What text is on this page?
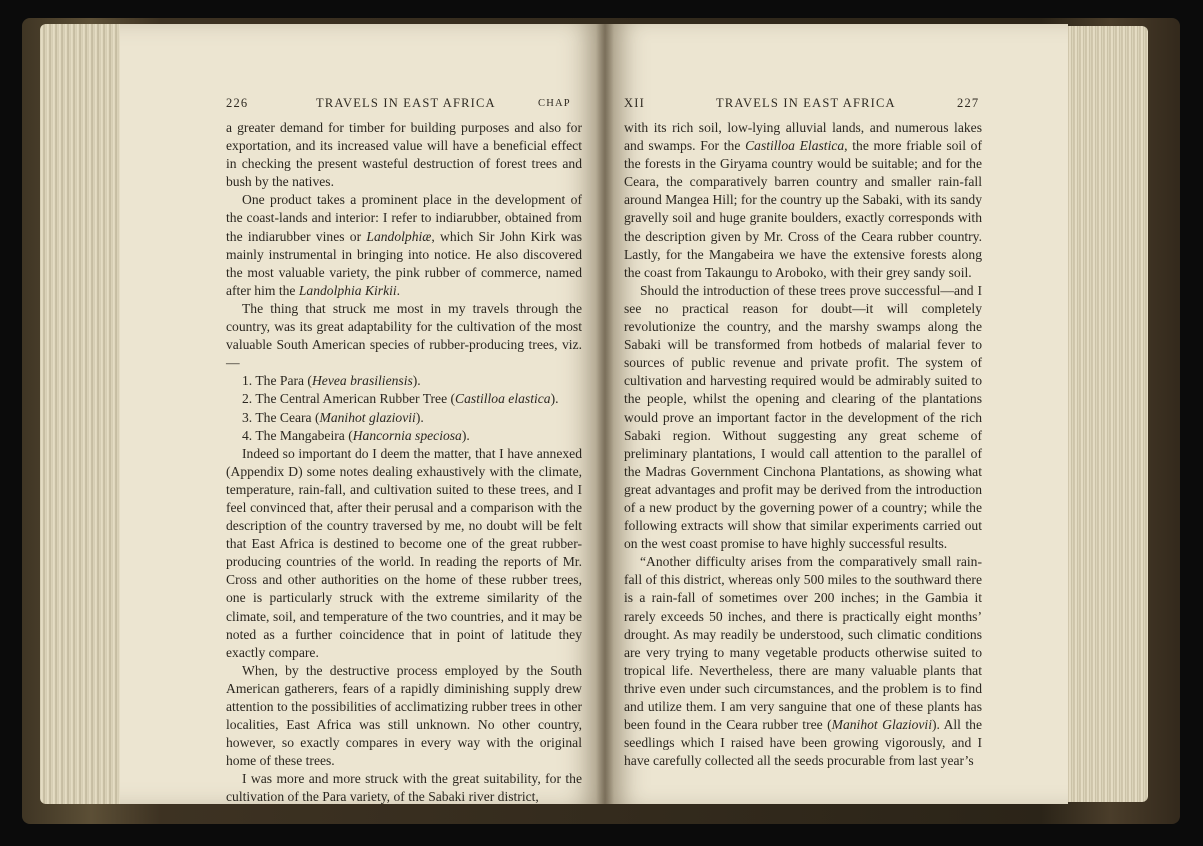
226	TRAVELS IN EAST AFRICA	CHAP

a greater demand for timber for building purposes and also for exportation, and its increased value will have a beneficial effect in checking the present wasteful destruction of forest trees and bush by the natives.

One product takes a prominent place in the development of the coast-lands and interior: I refer to indiarubber, obtained from the indiarubber vines or Landolphiæ, which Sir John Kirk was mainly instrumental in bringing into notice. He also discovered the most valuable variety, the pink rubber of commerce, named after him the Landolphia Kirkii.

The thing that struck me most in my travels through the country, was its great adaptability for the cultivation of the most valuable South American species of rubber-producing trees, viz.—

1. The Para (Hevea brasiliensis).

2. The Central American Rubber Tree (Castilloa elastica).

3. The Ceara (Manihot glaziovii).

4. The Mangabeira (Hancornia speciosa).

Indeed so important do I deem the matter, that I have annexed (Appendix D) some notes dealing exhaustively with the climate, temperature, rain-fall, and cultivation suited to these trees, and I feel convinced that, after their perusal and a comparison with the description of the country traversed by me, no doubt will be felt that East Africa is destined to become one of the great rubber-producing countries of the world. In reading the reports of Mr. Cross and other authorities on the home of these rubber trees, one is particularly struck with the extreme similarity of the climate, soil, and temperature of the two countries, and it may be noted as a further coincidence that in point of latitude they exactly compare.

When, by the destructive process employed by the South American gatherers, fears of a rapidly diminishing supply drew attention to the possibilities of acclimatizing rubber trees in other localities, East Africa was still unknown. No other country, however, so exactly compares in every way with the original home of these trees.

I was more and more struck with the great suitability, for the cultivation of the Para variety, of the Sabaki river district,

XII	TRAVELS IN EAST AFRICA	227

with its rich soil, low-lying alluvial lands, and numerous lakes and swamps. For the Castilloa Elastica, the more friable soil of the forests in the Giryama country would be suitable; and for the Ceara, the comparatively barren country and smaller rain-fall around Mangea Hill; for the country up the Sabaki, with its sandy gravelly soil and huge granite boulders, exactly corresponds with the description given by Mr. Cross of the Ceara rubber country. Lastly, for the Mangabeira we have the extensive forests along the coast from Takaungu to Aroboko, with their grey sandy soil.

Should the introduction of these trees prove successful—and I see no practical reason for doubt—it will completely revolutionize the country, and the marshy swamps along the Sabaki will be transformed from hotbeds of malarial fever to sources of public revenue and private profit. The system of cultivation and harvesting required would be admirably suited to the people, whilst the opening and clearing of the plantations would prove an important factor in the development of the rich Sabaki region. Without suggesting any great scheme of preliminary plantations, I would call attention to the parallel of the Madras Government Cinchona Plantations, as showing what great advantages and profit may be derived from the introduction of a new product by the governing power of a country; while the following extracts will show that similar experiments carried out on the west coast promise to have highly successful results.

“Another difficulty arises from the comparatively small rain-fall of this district, whereas only 500 miles to the southward there is a rain-fall of sometimes over 200 inches; in the Gambia it rarely exceeds 50 inches, and there is practically eight months’ drought. As may readily be understood, such climatic conditions are very trying to many vegetable products otherwise suited to tropical life. Nevertheless, there are many valuable plants that thrive even under such circumstances, and the problem is to find and utilize them. I am very sanguine that one of these plants has been found in the Ceara rubber tree (Manihot Glaziovii). All the seedlings which I raised have been growing vigorously, and I have carefully collected all the seeds procurable from last year’s
